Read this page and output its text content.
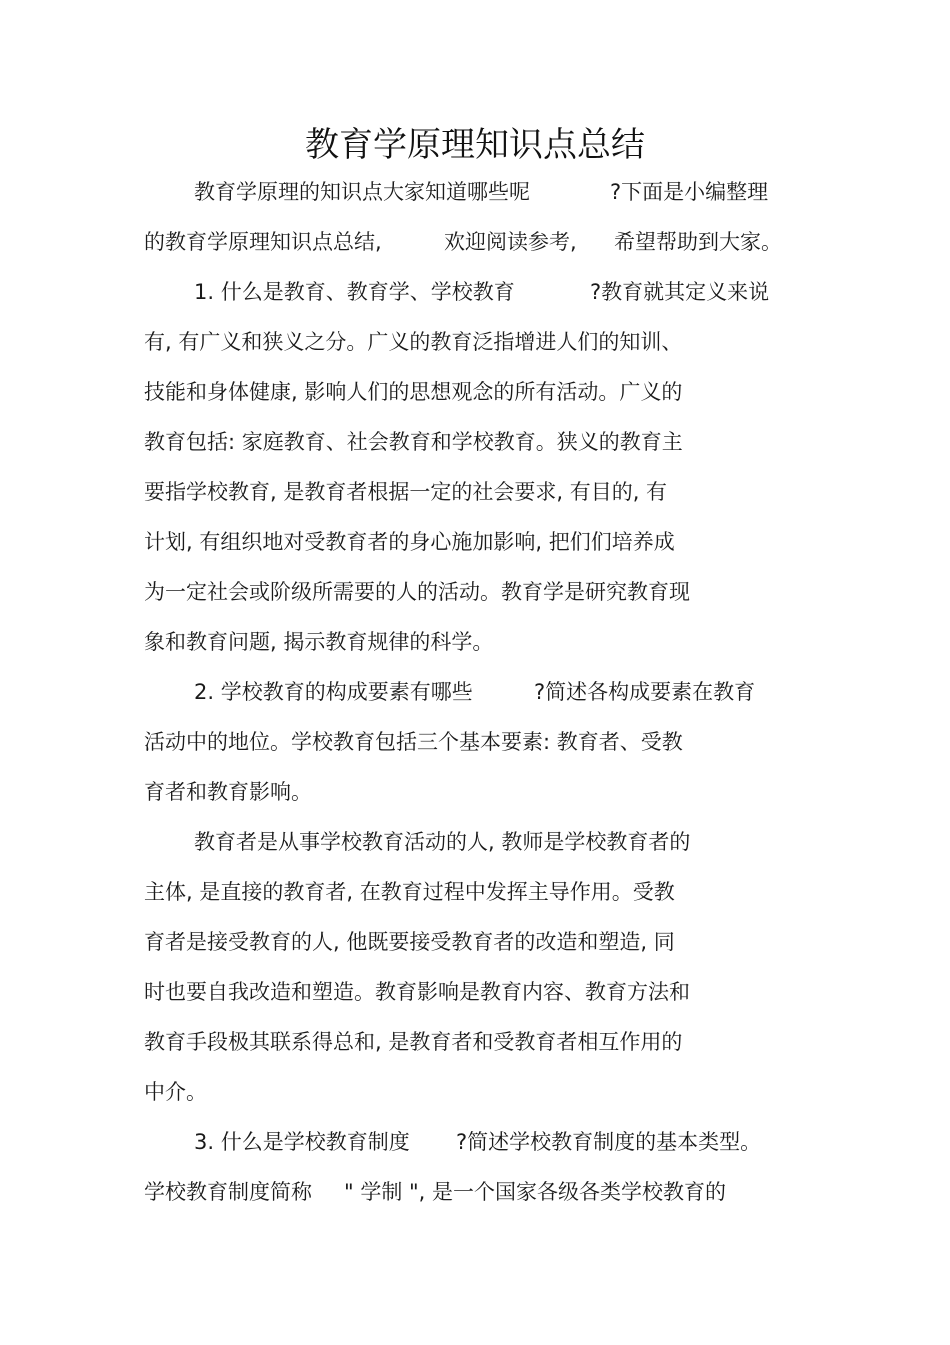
教育学原理知识点总结

教育学原理的知识点大家知道哪些呢	?下面是小编整理

的教育学原理知识点总结,	欢迎阅读参考, 希望帮助到大家。

1. 什么是教育、教育学、学校教育	?教育就其定义来说

有, 有广义和狭义之分。广义的教育泛指增进人们的知训、

技能和身体健康, 影响人们的思想观念的所有活动。广义的

教育包括: 家庭教育、社会教育和学校教育。狭义的教育主

要指学校教育, 是教育者根据一定的社会要求, 有目的, 有

计划, 有组织地对受教育者的身心施加影响, 把们们培养成

为一定社会或阶级所需要的人的活动。教育学是研究教育现

象和教育问题, 揭示教育规律的科学。

2. 学校教育的构成要素有哪些	?简述各构成要素在教育

活动中的地位。学校教育包括三个基本要素: 教育者、受教

育者和教育影响。

教育者是从事学校教育活动的人, 教师是学校教育者的

主体, 是直接的教育者, 在教育过程中发挥主导作用。受教

育者是接受教育的人, 他既要接受教育者的改造和塑造, 同

时也要自我改造和塑造。教育影响是教育内容、教育方法和

教育手段极其联系得总和, 是教育者和受教育者相互作用的

中介。

3. 什么是学校教育制度 ?简述学校教育制度的基本类型。

学校教育制度简称 " 学制 ", 是一个国家各级各类学校教育的
